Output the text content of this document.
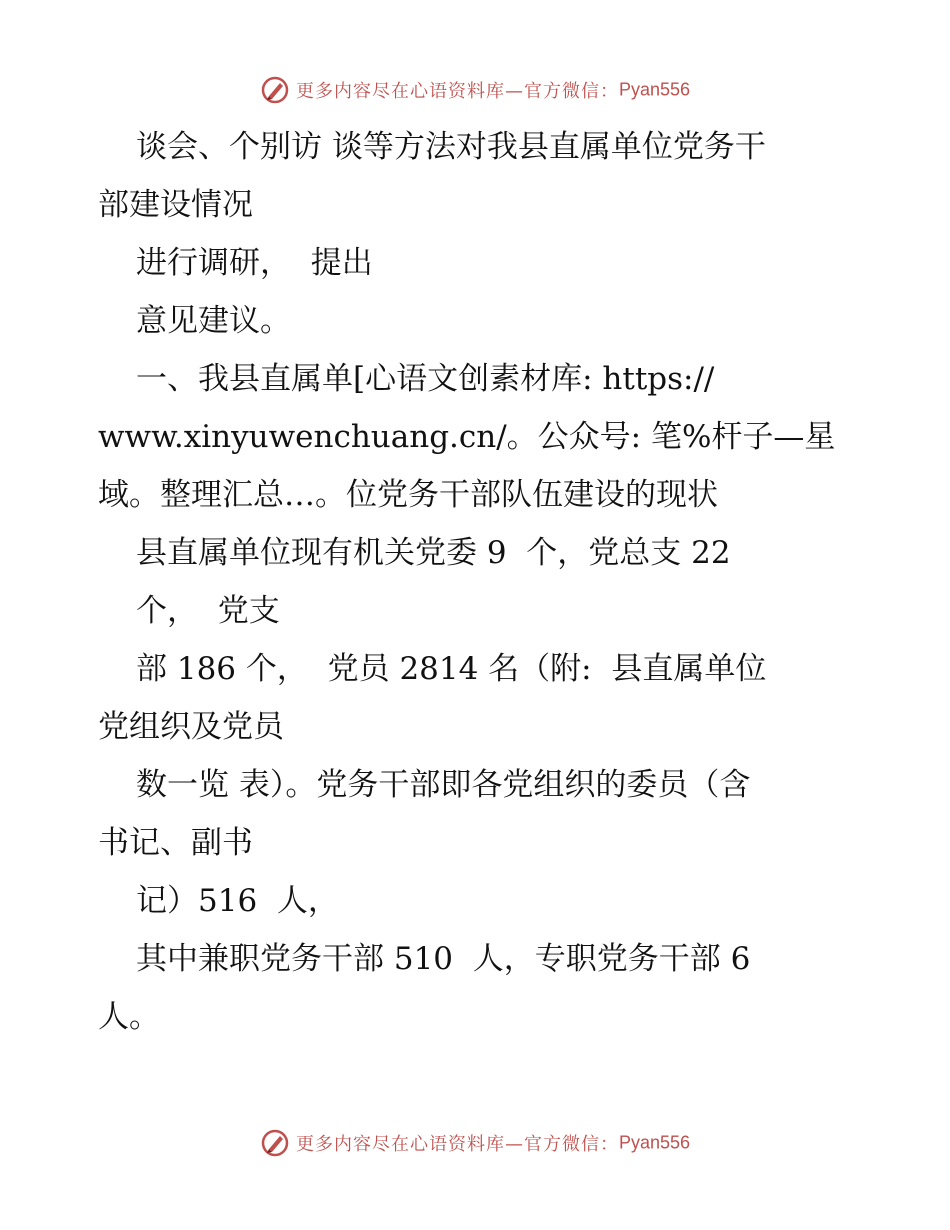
更多内容尽在心语资料库—官方微信：Pyan556
谈会、个别访 谈等方法对我县直属单位党务干
部建设情况
进行调研，  提出
意见建议。
一、我县直属单[心语文创素材库: https://
www.xinyuwenchuang.cn/。公众号: 笔%杆子—星
域。整理汇总…。位党务干部队伍建设的现状
县直属单位现有机关党委 9  个，党总支 22
个，  党支
部 186 个，  党员 2814 名（附:  县直属单位
党组织及党员
数一览 表）。党务干部即各党组织的委员（含
书记、副书
记）516  人，
其中兼职党务干部 510  人，专职党务干部 6
人。
更多内容尽在心语资料库—官方微信：Pyan556
